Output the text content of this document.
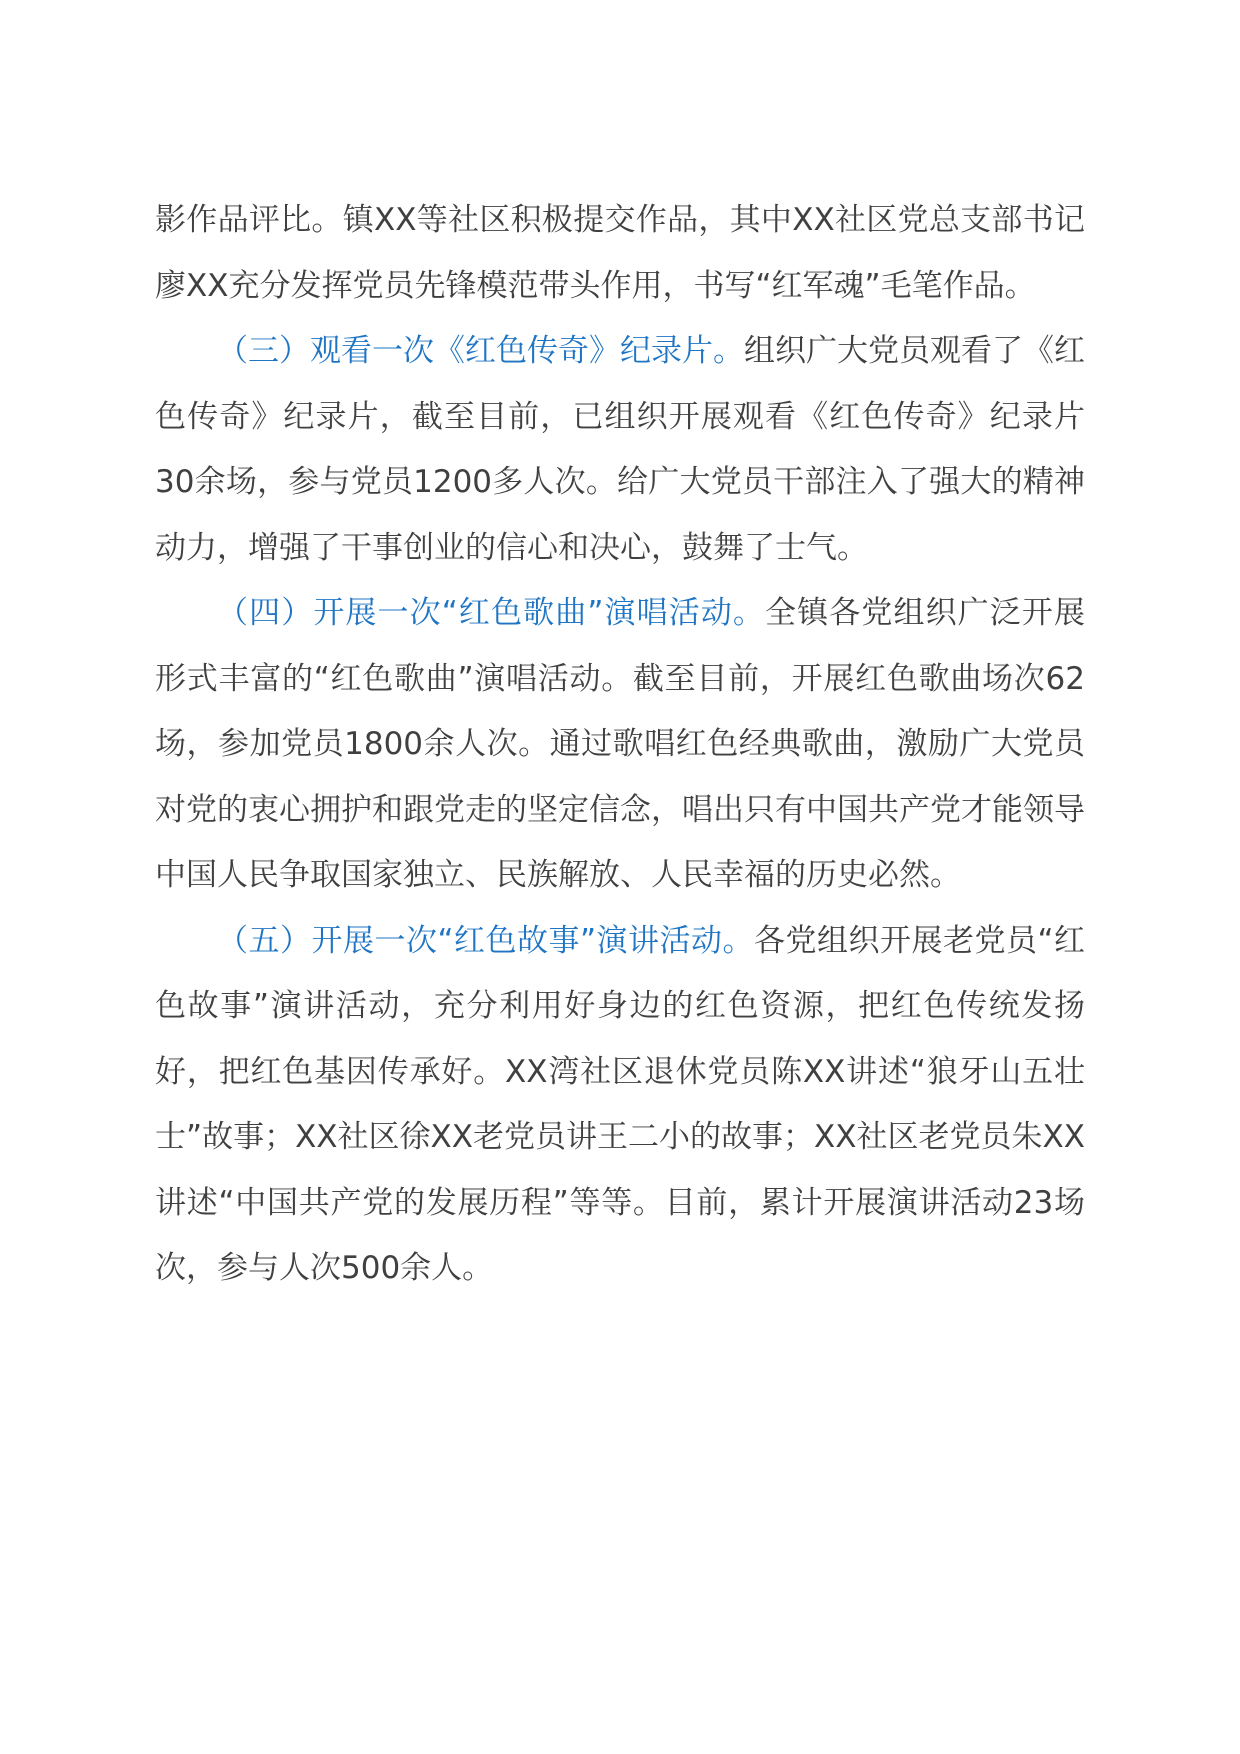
影作品评比。镇XX等社区积极提交作品，其中XX社区党总支部书记廖XX充分发挥党员先锋模范带头作用，书写“红军魂”毛笔作品。

（三）观看一次《红色传奇》纪录片。组织广大党员观看了《红色传奇》纪录片，截至目前，已组织开展观看《红色传奇》纪录片30余场，参与党员1200多人次。给广大党员干部注入了强大的精神动力，增强了干事创业的信心和决心，鼓舞了士气。

（四）开展一次“红色歌曲”演唱活动。全镇各党组织广泛开展形式丰富的“红色歌曲”演唱活动。截至目前，开展红色歌曲场次62场，参加党员1800余人次。通过歌唱红色经典歌曲，激励广大党员对党的衷心拥护和跟党走的坚定信念，唱出只有中国共产党才能领导中国人民争取国家独立、民族解放、人民幸福的历史必然。

（五）开展一次“红色故事”演讲活动。各党组织开展老党员“红色故事”演讲活动，充分利用好身边的红色资源，把红色传统发扬好，把红色基因传承好。XX湾社区退休党员陈XX讲述“狼牙山五壮士”故事；XX社区徐XX老党员讲王二小的故事；XX社区老党员朱XX讲述“中国共产党的发展历程”等等。目前，累计开展演讲活动23场次，参与人次500余人。
